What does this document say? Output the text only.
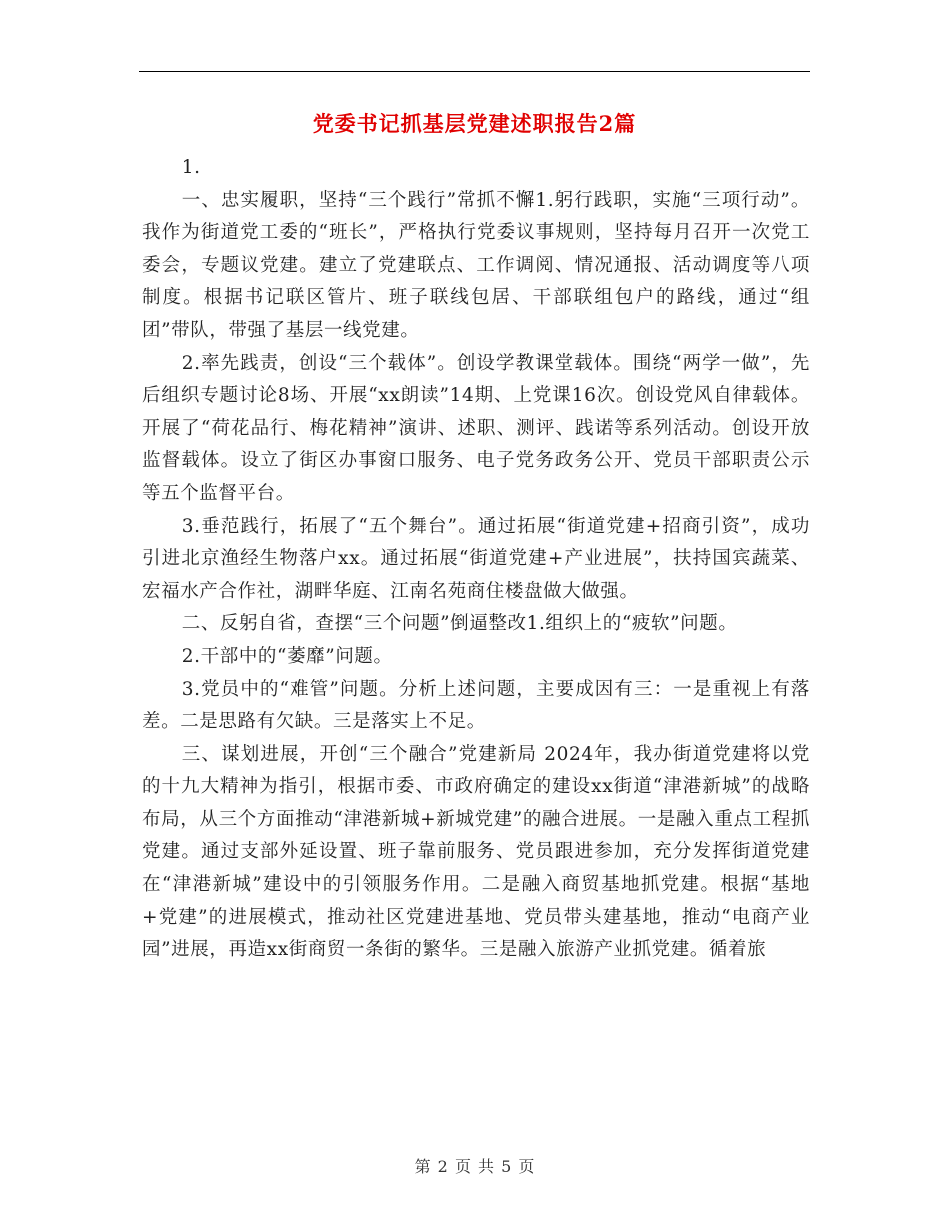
党委书记抓基层党建述职报告2篇

1.

一、忠实履职，坚持“三个践行”常抓不懈1.躬行践职，实施“三项行动”。我作为街道党工委的“班长”，严格执行党委议事规则，坚持每月召开一次党工委会，专题议党建。建立了党建联点、工作调阅、情况通报、活动调度等八项制度。根据书记联区管片、班子联线包居、干部联组包户的路线，通过“组团”带队，带强了基层一线党建。

2.率先践责，创设“三个载体”。创设学教课堂载体。围绕“两学一做”，先后组织专题讨论8场、开展“xx朗读”14期、上党课16次。创设党风自律载体。开展了“荷花品行、梅花精神”演讲、述职、测评、践诺等系列活动。创设开放监督载体。设立了街区办事窗口服务、电子党务政务公开、党员干部职责公示等五个监督平台。

3.垂范践行，拓展了“五个舞台”。通过拓展“街道党建+招商引资”，成功引进北京渔经生物落户xx。通过拓展“街道党建+产业进展”，扶持国宾蔬菜、宏福水产合作社，湖畔华庭、江南名苑商住楼盘做大做强。

二、反躬自省，查摆“三个问题”倒逼整改1.组织上的“疲软”问题。

2.干部中的“萎靡”问题。

3.党员中的“难管”问题。分析上述问题，主要成因有三：一是重视上有落差。二是思路有欠缺。三是落实上不足。

三、谋划进展，开创“三个融合”党建新局 2024年，我办街道党建将以党的十九大精神为指引，根据市委、市政府确定的建设xx街道“津港新城”的战略布局，从三个方面推动“津港新城+新城党建”的融合进展。一是融入重点工程抓党建。通过支部外延设置、班子靠前服务、党员跟进参加，充分发挥街道党建在“津港新城”建设中的引领服务作用。二是融入商贸基地抓党建。根据“基地+党建”的进展模式，推动社区党建进基地、党员带头建基地，推动“电商产业园”进展，再造xx街商贸一条街的繁华。三是融入旅游产业抓党建。循着旅

第 2 页 共 5 页
